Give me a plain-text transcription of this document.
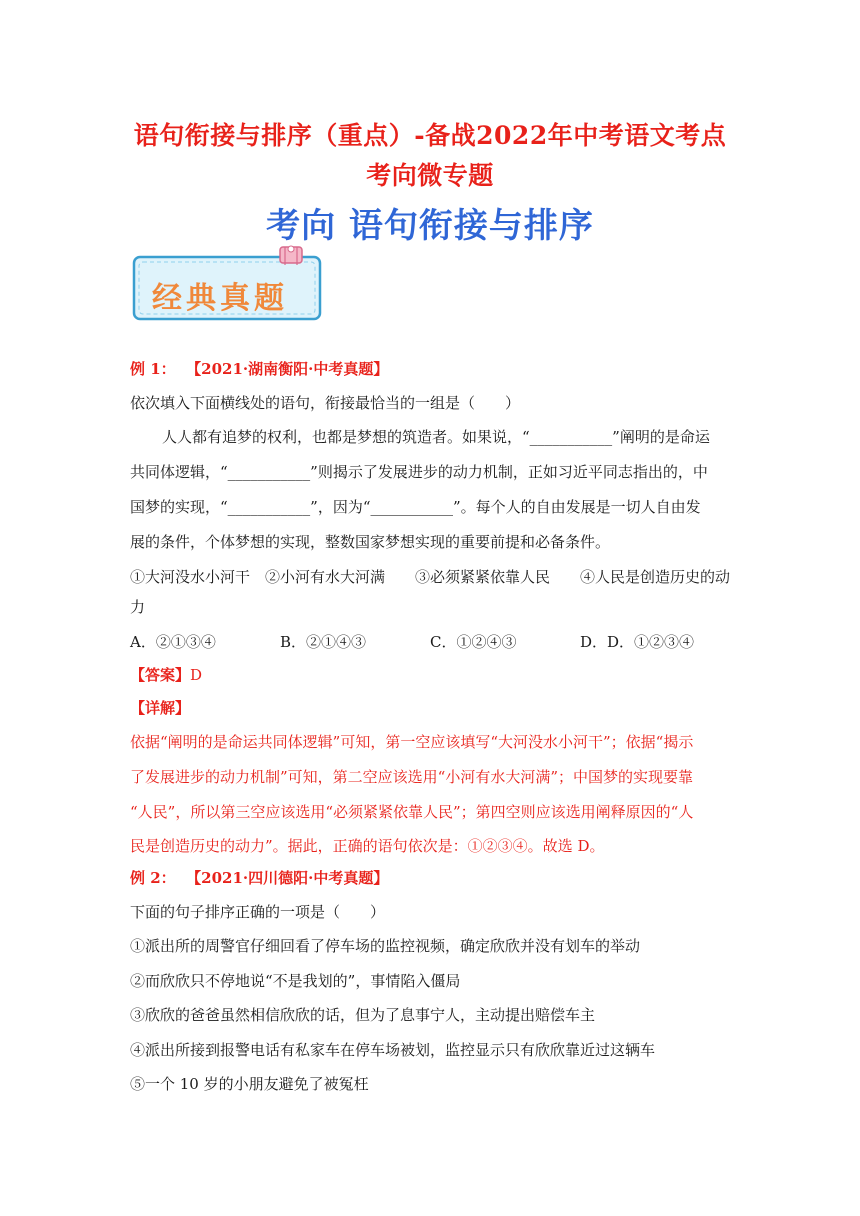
语句衔接与排序（重点）-备战2022年中考语文考点
考向微专题
考向 语句衔接与排序
经典真题
例 1： 【2021·湖南衡阳·中考真题】
依次填入下面横线处的语句，衔接最恰当的一组是（　　）
人人都有追梦的权利，也都是梦想的筑造者。如果说，“___________”阐明的是命运
共同体逻辑，“___________”则揭示了发展进步的动力机制，正如习近平同志指出的，中
国梦的实现，“___________”，因为“___________”。每个人的自由发展是一切人自由发
展的条件，个体梦想的实现，整数国家梦想实现的重要前提和必备条件。
①大河没水小河干　②小河有水大河满　　③必须紧紧依靠人民　　④人民是创造历史的动
力
A．②①③④	B．②①④③	C．①②④③	D．D．①②③④
【答案】D
【详解】
依据“阐明的是命运共同体逻辑”可知，第一空应该填写“大河没水小河干”；依据“揭示
了发展进步的动力机制”可知，第二空应该选用“小河有水大河满”；中国梦的实现要靠
“人民”，所以第三空应该选用“必须紧紧依靠人民”；第四空则应该选用阐释原因的“人
民是创造历史的动力”。据此，正确的语句依次是：①②③④。故选 D。
例 2： 【2021·四川德阳·中考真题】
下面的句子排序正确的一项是（　　）
①派出所的周警官仔细回看了停车场的监控视频，确定欣欣并没有划车的举动
②而欣欣只不停地说“不是我划的”，事情陷入僵局
③欣欣的爸爸虽然相信欣欣的话，但为了息事宁人，主动提出赔偿车主
④派出所接到报警电话有私家车在停车场被划，监控显示只有欣欣靠近过这辆车
⑤一个 10 岁的小朋友避免了被冤枉
